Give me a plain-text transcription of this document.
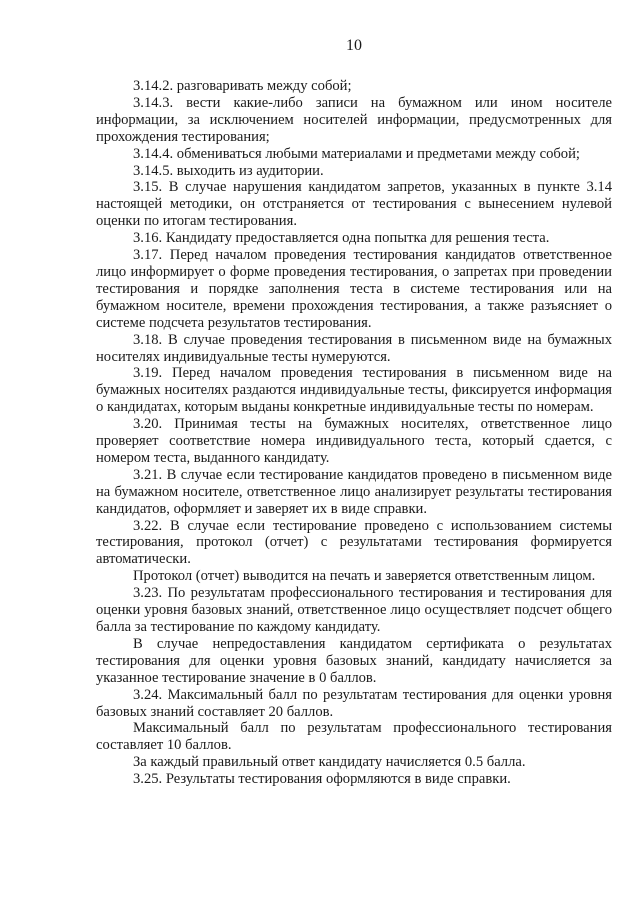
10

3.14.2. разговаривать между собой;

3.14.3. вести какие-либо записи на бумажном или ином носителе информации, за исключением носителей информации, предусмотренных для прохождения тестирования;

3.14.4. обмениваться любыми материалами и предметами между собой;

3.14.5. выходить из аудитории.

3.15. В случае нарушения кандидатом запретов, указанных в пункте 3.14 настоящей методики, он отстраняется от тестирования с вынесением нулевой оценки по итогам тестирования.

3.16. Кандидату предоставляется одна попытка для решения теста.

3.17. Перед началом проведения тестирования кандидатов ответственное лицо информирует о форме проведения тестирования, о запретах при проведении тестирования и порядке заполнения теста в системе тестирования или на бумажном носителе, времени прохождения тестирования, а также разъясняет о системе подсчета результатов тестирования.

3.18. В случае проведения тестирования в письменном виде на бумажных носителях индивидуальные тесты нумеруются.

3.19. Перед началом проведения тестирования в письменном виде на бумажных носителях раздаются индивидуальные тесты, фиксируется информация о кандидатах, которым выданы конкретные индивидуальные тесты по номерам.

3.20. Принимая тесты на бумажных носителях, ответственное лицо проверяет соответствие номера индивидуального теста, который сдается, с номером теста, выданного кандидату.

3.21. В случае если тестирование кандидатов проведено в письменном виде на бумажном носителе, ответственное лицо анализирует результаты тестирования кандидатов, оформляет и заверяет их в виде справки.

3.22. В случае если тестирование проведено с использованием системы тестирования, протокол (отчет) с результатами тестирования формируется автоматически.

Протокол (отчет) выводится на печать и заверяется ответственным лицом.

3.23. По результатам профессионального тестирования и тестирования для оценки уровня базовых знаний, ответственное лицо осуществляет подсчет общего балла за тестирование по каждому кандидату.

В случае непредоставления кандидатом сертификата о результатах тестирования для оценки уровня базовых знаний, кандидату начисляется за указанное тестирование значение в 0 баллов.

3.24. Максимальный балл по результатам тестирования для оценки уровня базовых знаний составляет 20 баллов.

Максимальный балл по результатам профессионального тестирования составляет 10 баллов.

За каждый правильный ответ кандидату начисляется 0.5 балла.

3.25. Результаты тестирования оформляются в виде справки.
